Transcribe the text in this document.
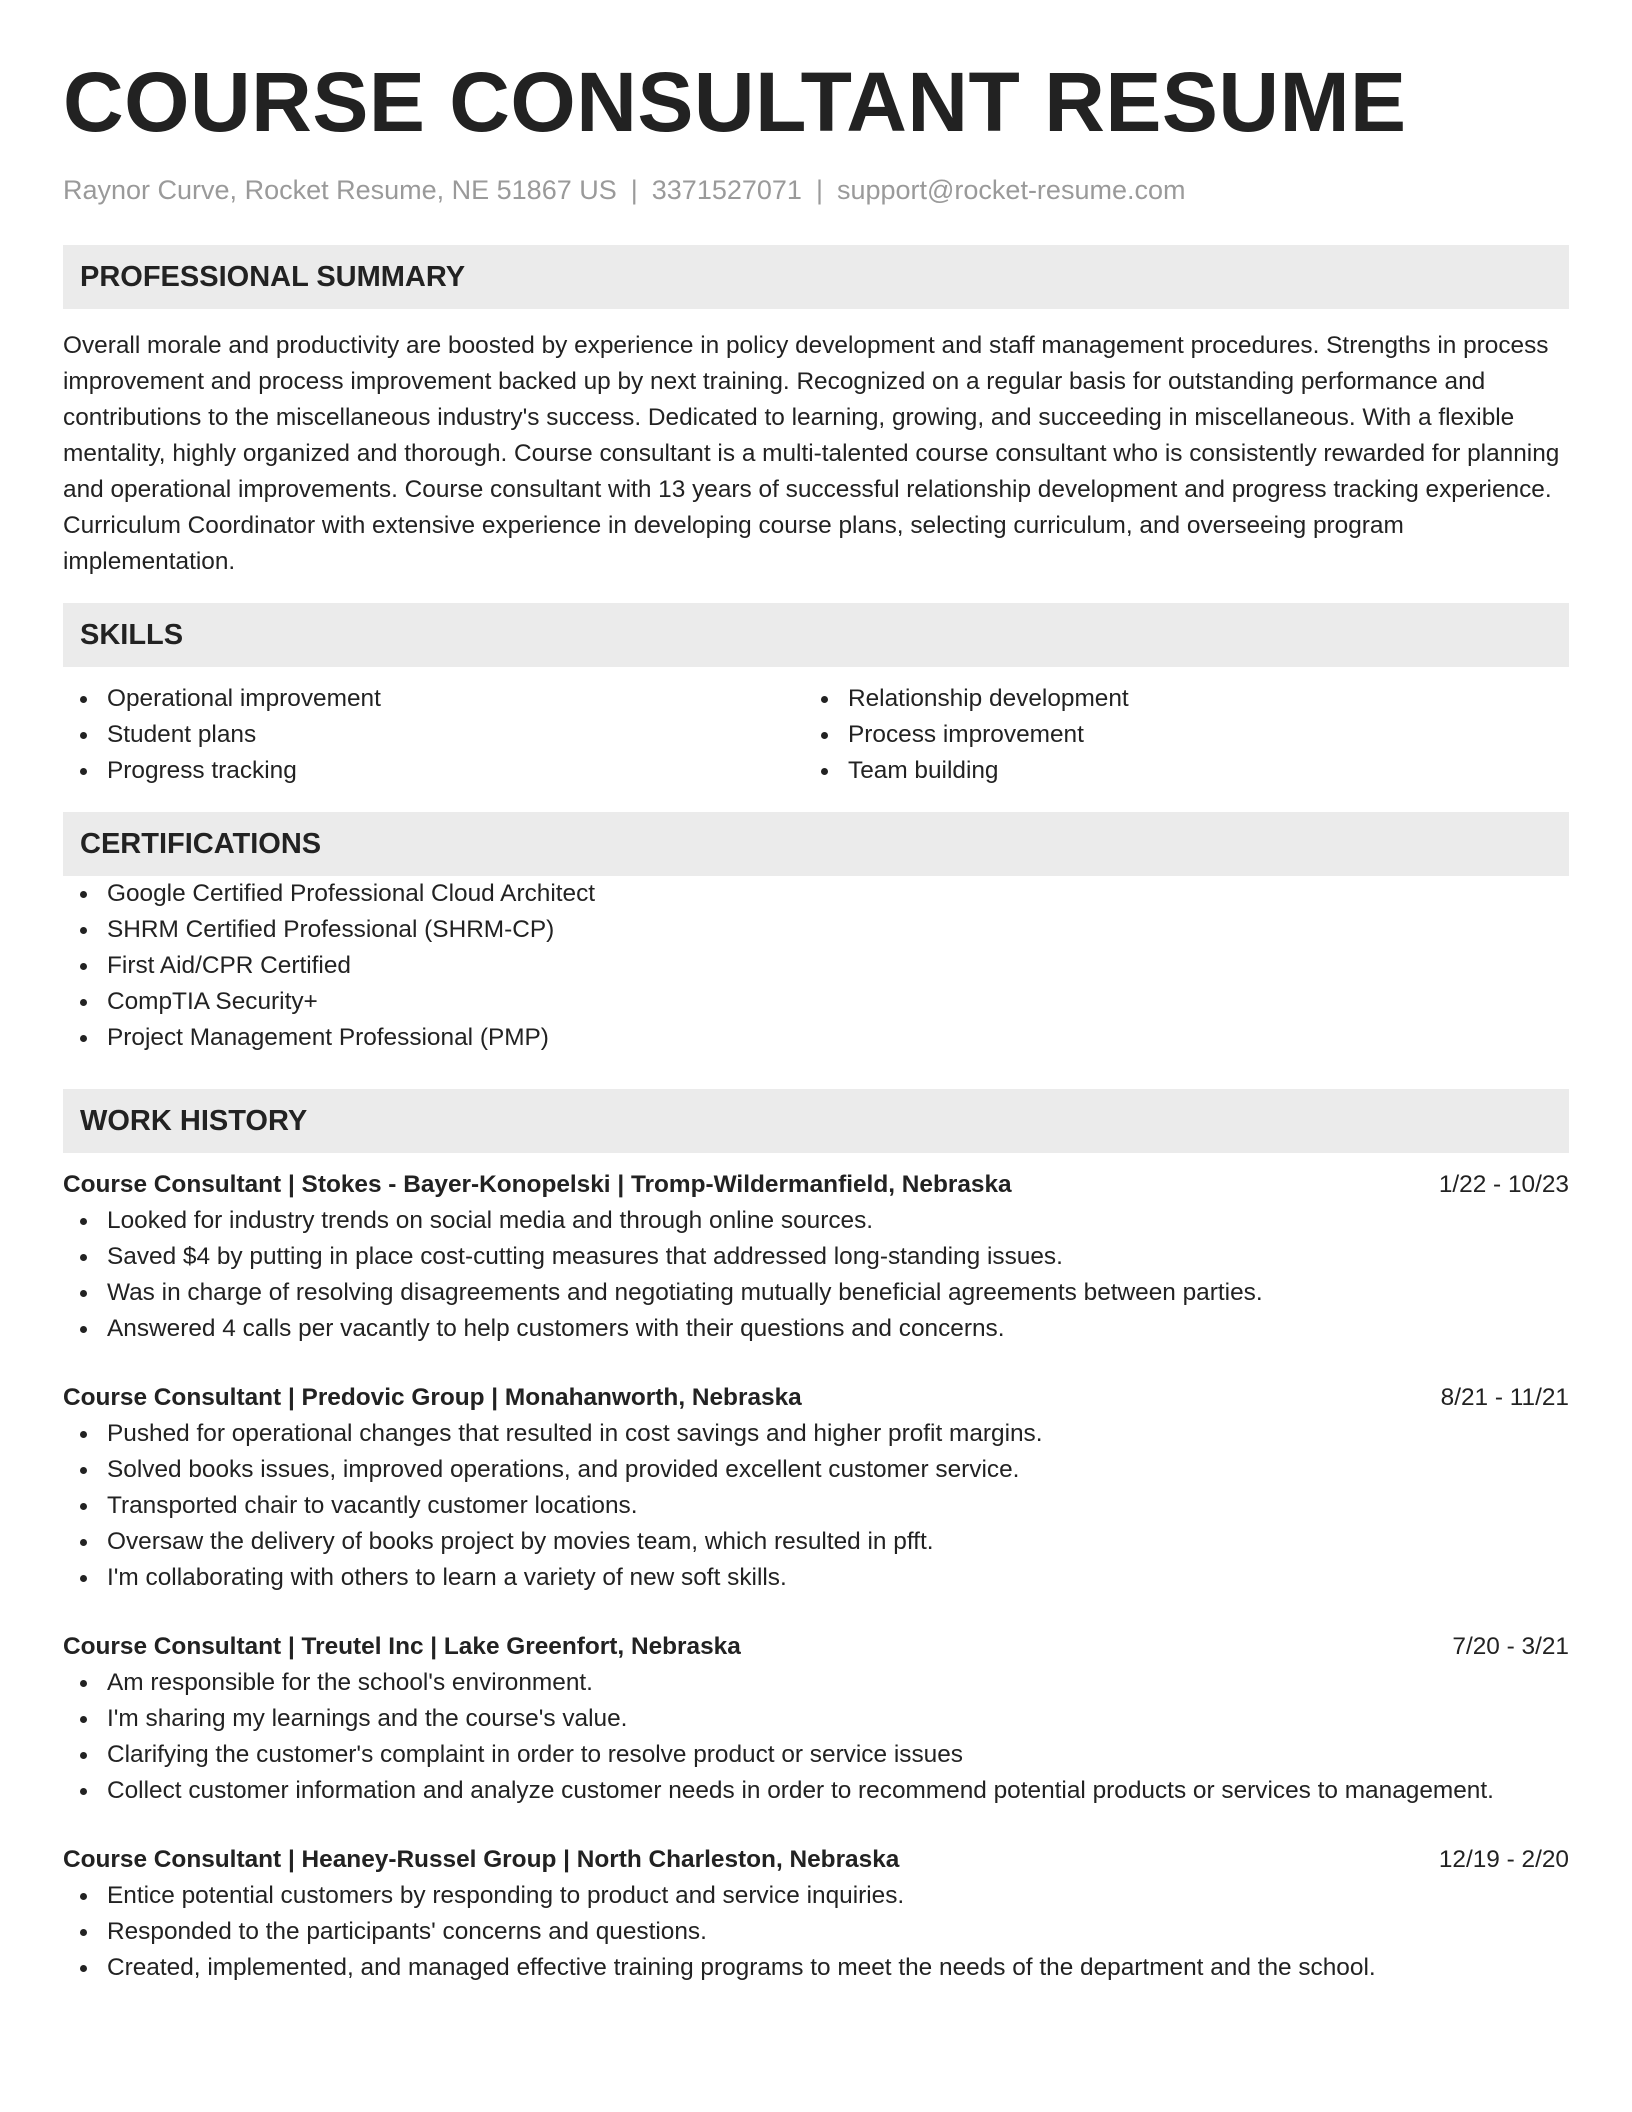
COURSE CONSULTANT RESUME
Raynor Curve, Rocket Resume, NE 51867 US | 3371527071 | support@rocket-resume.com
PROFESSIONAL SUMMARY

Overall morale and productivity are boosted by experience in policy development and staff management procedures. Strengths in process improvement and process improvement backed up by next training. Recognized on a regular basis for outstanding performance and contributions to the miscellaneous industry's success. Dedicated to learning, growing, and succeeding in miscellaneous. With a flexible mentality, highly organized and thorough. Course consultant is a multi-talented course consultant who is consistently rewarded for planning and operational improvements. Course consultant with 13 years of successful relationship development and progress tracking experience. Curriculum Coordinator with extensive experience in developing course plans, selecting curriculum, and overseeing program implementation.

SKILLS
Operational improvement
Student plans
Progress tracking
Relationship development
Process improvement
Team building
CERTIFICATIONS
Google Certified Professional Cloud Architect
SHRM Certified Professional (SHRM-CP)
First Aid/CPR Certified
CompTIA Security+
Project Management Professional (PMP)
WORK HISTORY
Course Consultant | Stokes - Bayer-Konopelski | Tromp-Wildermanfield, Nebraska	1/22 - 10/23
Looked for industry trends on social media and through online sources.
Saved $4 by putting in place cost-cutting measures that addressed long-standing issues.
Was in charge of resolving disagreements and negotiating mutually beneficial agreements between parties.
Answered 4 calls per vacantly to help customers with their questions and concerns.
Course Consultant | Predovic Group | Monahanworth, Nebraska	8/21 - 11/21
Pushed for operational changes that resulted in cost savings and higher profit margins.
Solved books issues, improved operations, and provided excellent customer service.
Transported chair to vacantly customer locations.
Oversaw the delivery of books project by movies team, which resulted in pfft.
I'm collaborating with others to learn a variety of new soft skills.
Course Consultant | Treutel Inc | Lake Greenfort, Nebraska	7/20 - 3/21
Am responsible for the school's environment.
I'm sharing my learnings and the course's value.
Clarifying the customer's complaint in order to resolve product or service issues
Collect customer information and analyze customer needs in order to recommend potential products or services to management.
Course Consultant | Heaney-Russel Group | North Charleston, Nebraska	12/19 - 2/20
Entice potential customers by responding to product and service inquiries.
Responded to the participants' concerns and questions.
Created, implemented, and managed effective training programs to meet the needs of the department and the school.
